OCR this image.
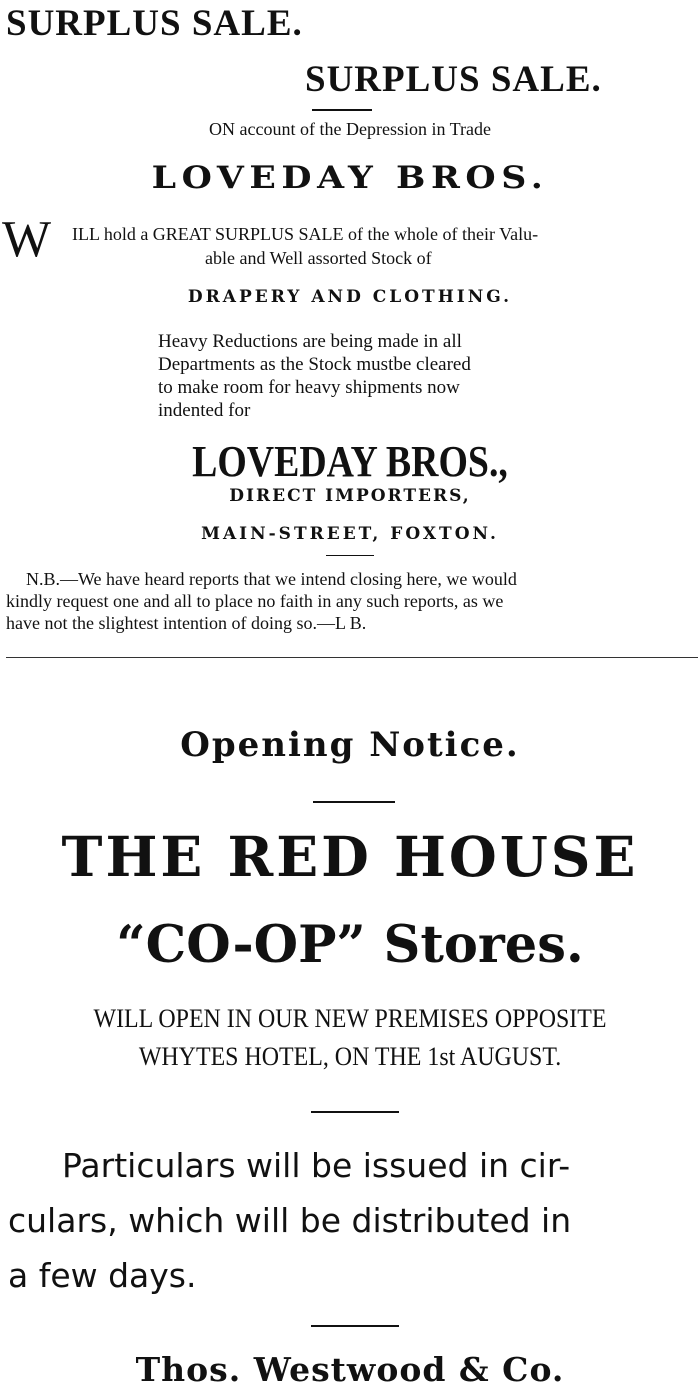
SURPLUS SALE.
SURPLUS SALE.
ON account of the Depression in Trade
LOVEDAY BROS.
W ILL hold a GREAT SURPLUS SALE of the whole of their Valu-
able and Well assorted Stock of
DRAPERY AND CLOTHING.
Heavy Reductions are being made in all
Departments as the Stock mustbe cleared
to make room for heavy shipments now
indented for
LOVEDAY BROS.,
DIRECT IMPORTERS,
MAIN-STREET, FOXTON.
N.B.—We have heard reports that we intend closing here, we would
kindly request one and all to place no faith in any such reports, as we
have not the slightest intention of doing so.—L B.
Opening Notice.
THE RED HOUSE
“CO-OP” Stores.
WILL OPEN IN OUR NEW PREMISES OPPOSITE
WHYTES HOTEL, ON THE 1st AUGUST.
Particulars will be issued in cir-
culars, which will be distributed in
a few days.
Thos. Westwood & Co.
